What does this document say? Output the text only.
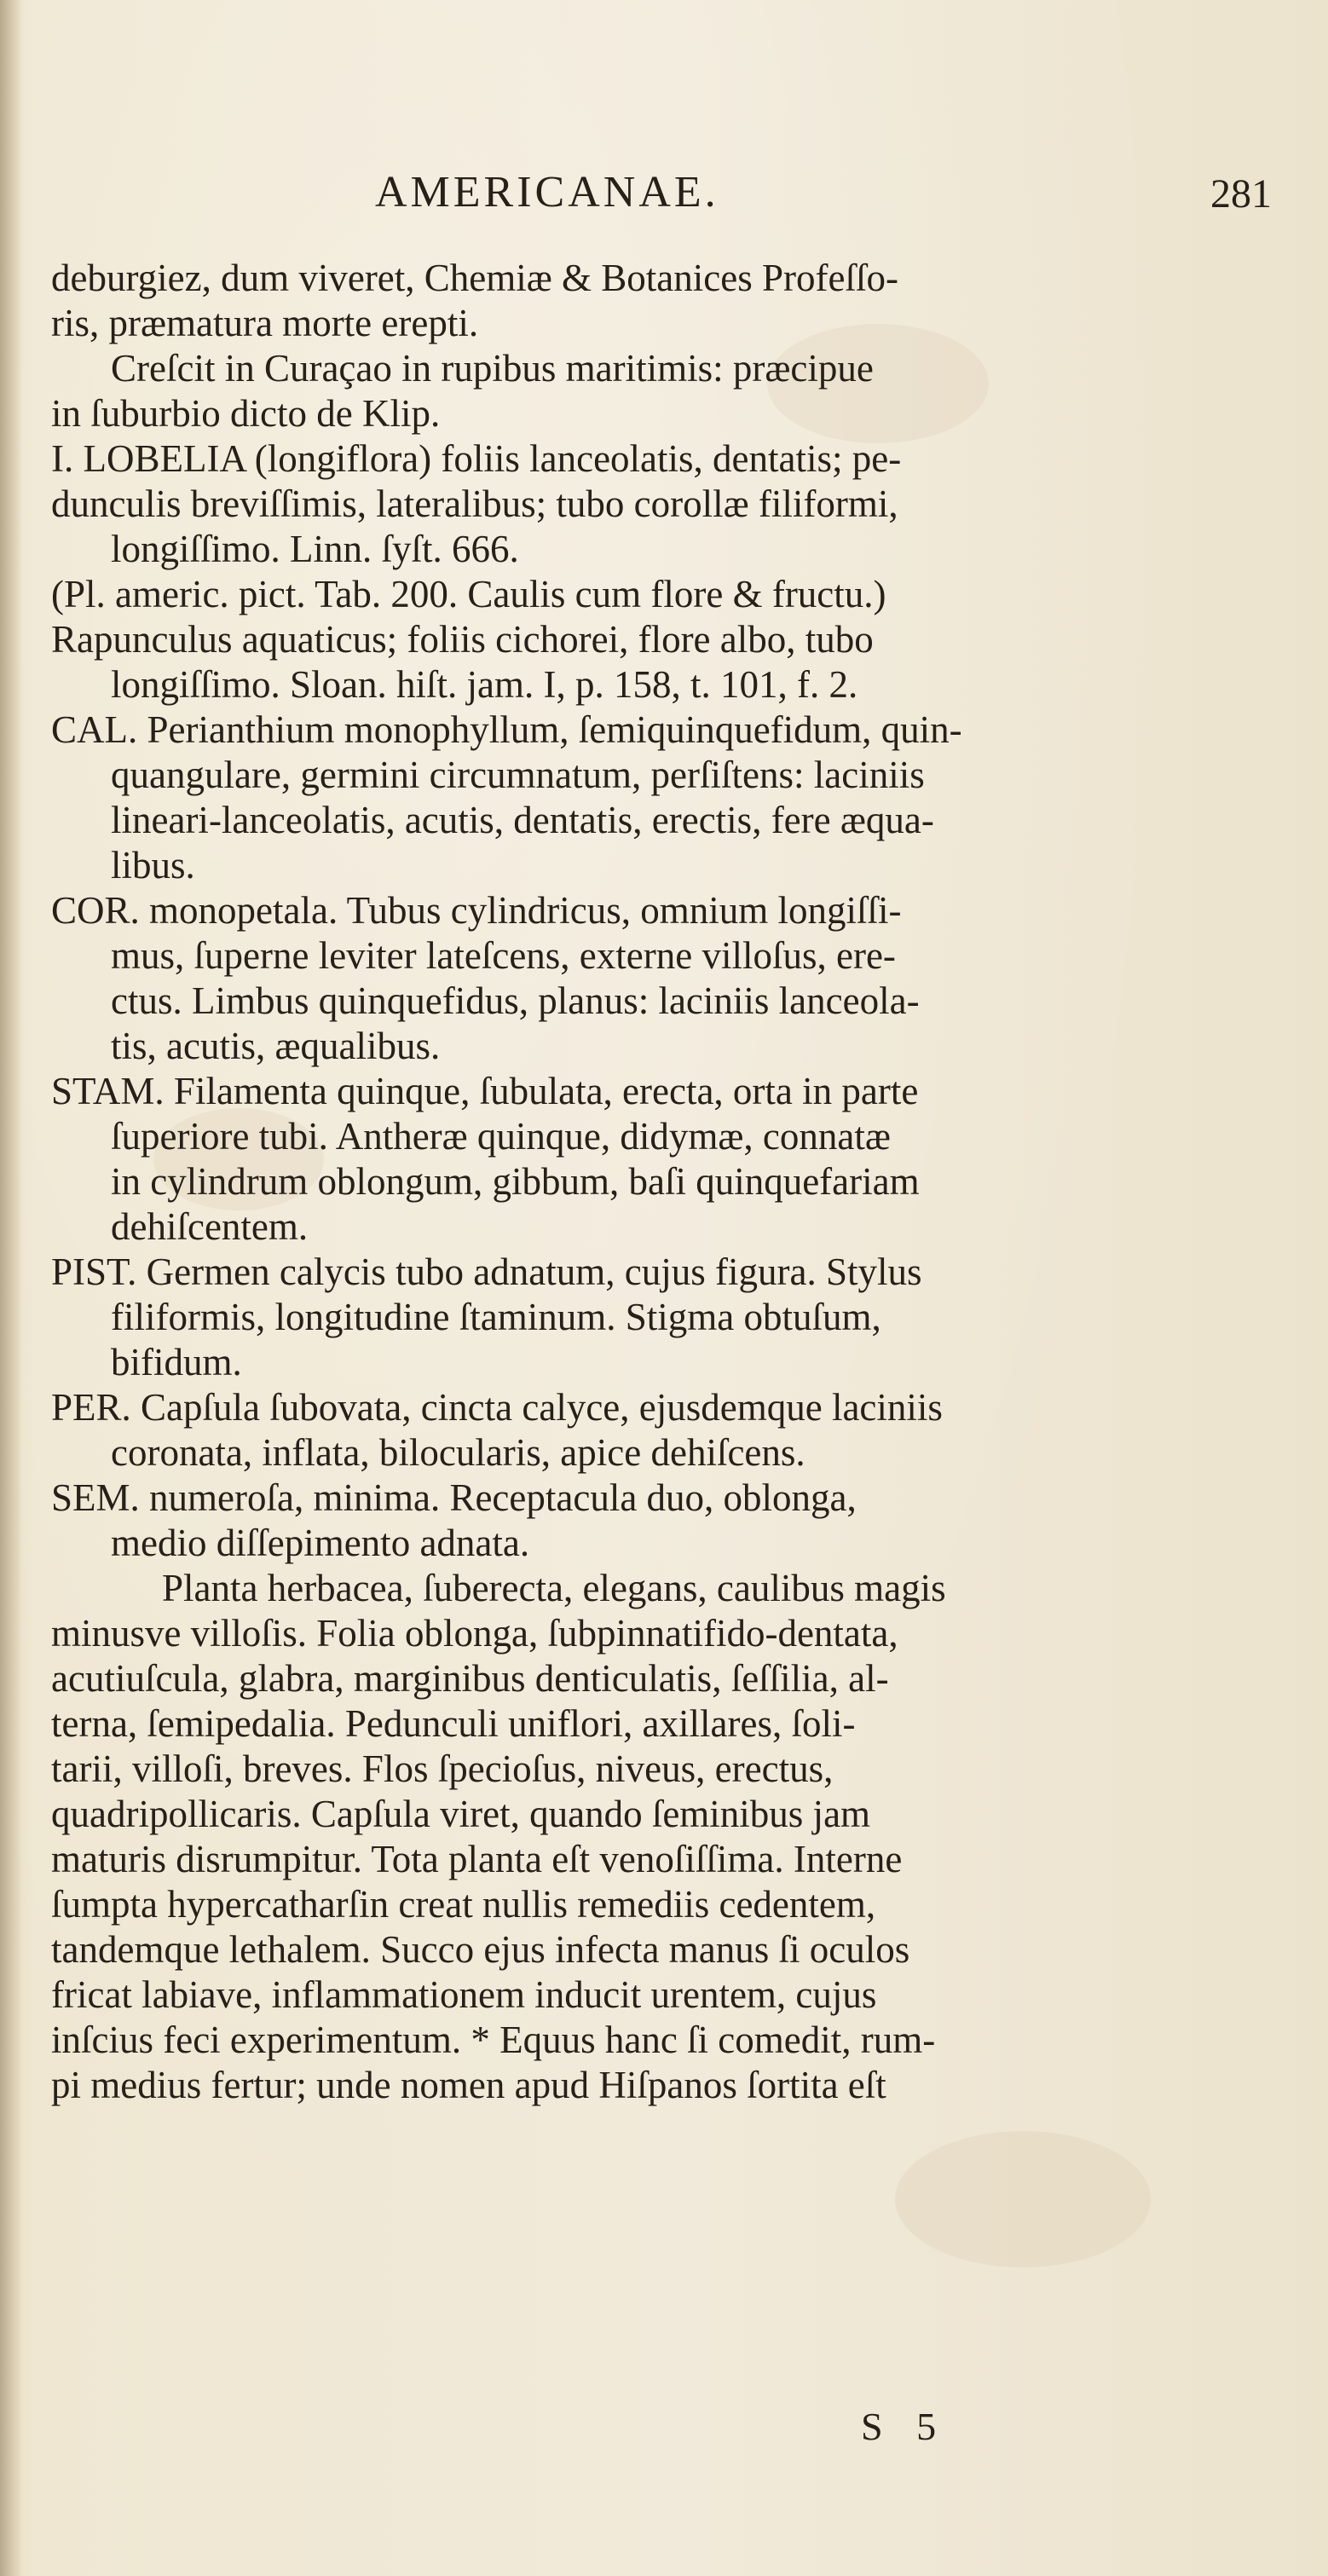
AMERICANAE.	281
deburgiez, dum viveret, Chemiæ & Botanices Profeſſo-
ris, præmatura morte erepti.
Creſcit in Curaçao in rupibus maritimis: præcipue
in ſuburbio dicto de Klip.
I. LOBELIA (longiflora) foliis lanceolatis, dentatis; pe-
dunculis breviſſimis, lateralibus; tubo corollæ filiformi,
longiſſimo. Linn. ſyſt. 666.
(Pl. americ. pict. Tab. 200. Caulis cum flore & fructu.)
Rapunculus aquaticus; foliis cichorei, flore albo, tubo
longiſſimo. Sloan. hiſt. jam. I, p. 158, t. 101, f. 2.
CAL. Perianthium monophyllum, ſemiquinquefidum, quin-
quangulare, germini circumnatum, perſiſtens: laciniis
lineari-lanceolatis, acutis, dentatis, erectis, fere æqua-
libus.
COR. monopetala. Tubus cylindricus, omnium longiſſi-
mus, ſuperne leviter lateſcens, externe villoſus, ere-
ctus. Limbus quinquefidus, planus: laciniis lanceola-
tis, acutis, æqualibus.
STAM. Filamenta quinque, ſubulata, erecta, orta in parte
ſuperiore tubi. Antheræ quinque, didymæ, connatæ
in cylindrum oblongum, gibbum, baſi quinquefariam
dehiſcentem.
PIST. Germen calycis tubo adnatum, cujus figura. Stylus
filiformis, longitudine ſtaminum. Stigma obtuſum,
bifidum.
PER. Capſula ſubovata, cincta calyce, ejusdemque laciniis
coronata, inflata, bilocularis, apice dehiſcens.
SEM. numeroſa, minima. Receptacula duo, oblonga,
medio diſſepimento adnata.
Planta herbacea, ſuberecta, elegans, caulibus magis
minusve villoſis. Folia oblonga, ſubpinnatifido-dentata,
acutiuſcula, glabra, marginibus denticulatis, ſeſſilia, al-
terna, ſemipedalia. Pedunculi uniflori, axillares, ſoli-
tarii, villoſi, breves. Flos ſpecioſus, niveus, erectus,
quadripollicaris. Capſula viret, quando ſeminibus jam
maturis disrumpitur. Tota planta eſt venoſiſſima. Interne
ſumpta hypercatharſin creat nullis remediis cedentem,
tandemque lethalem. Succo ejus infecta manus ſi oculos
fricat labiave, inflammationem inducit urentem, cujus
inſcius feci experimentum. * Equus hanc ſi comedit, rum-
pi medius fertur; unde nomen apud Hiſpanos ſortita eſt
S 5
